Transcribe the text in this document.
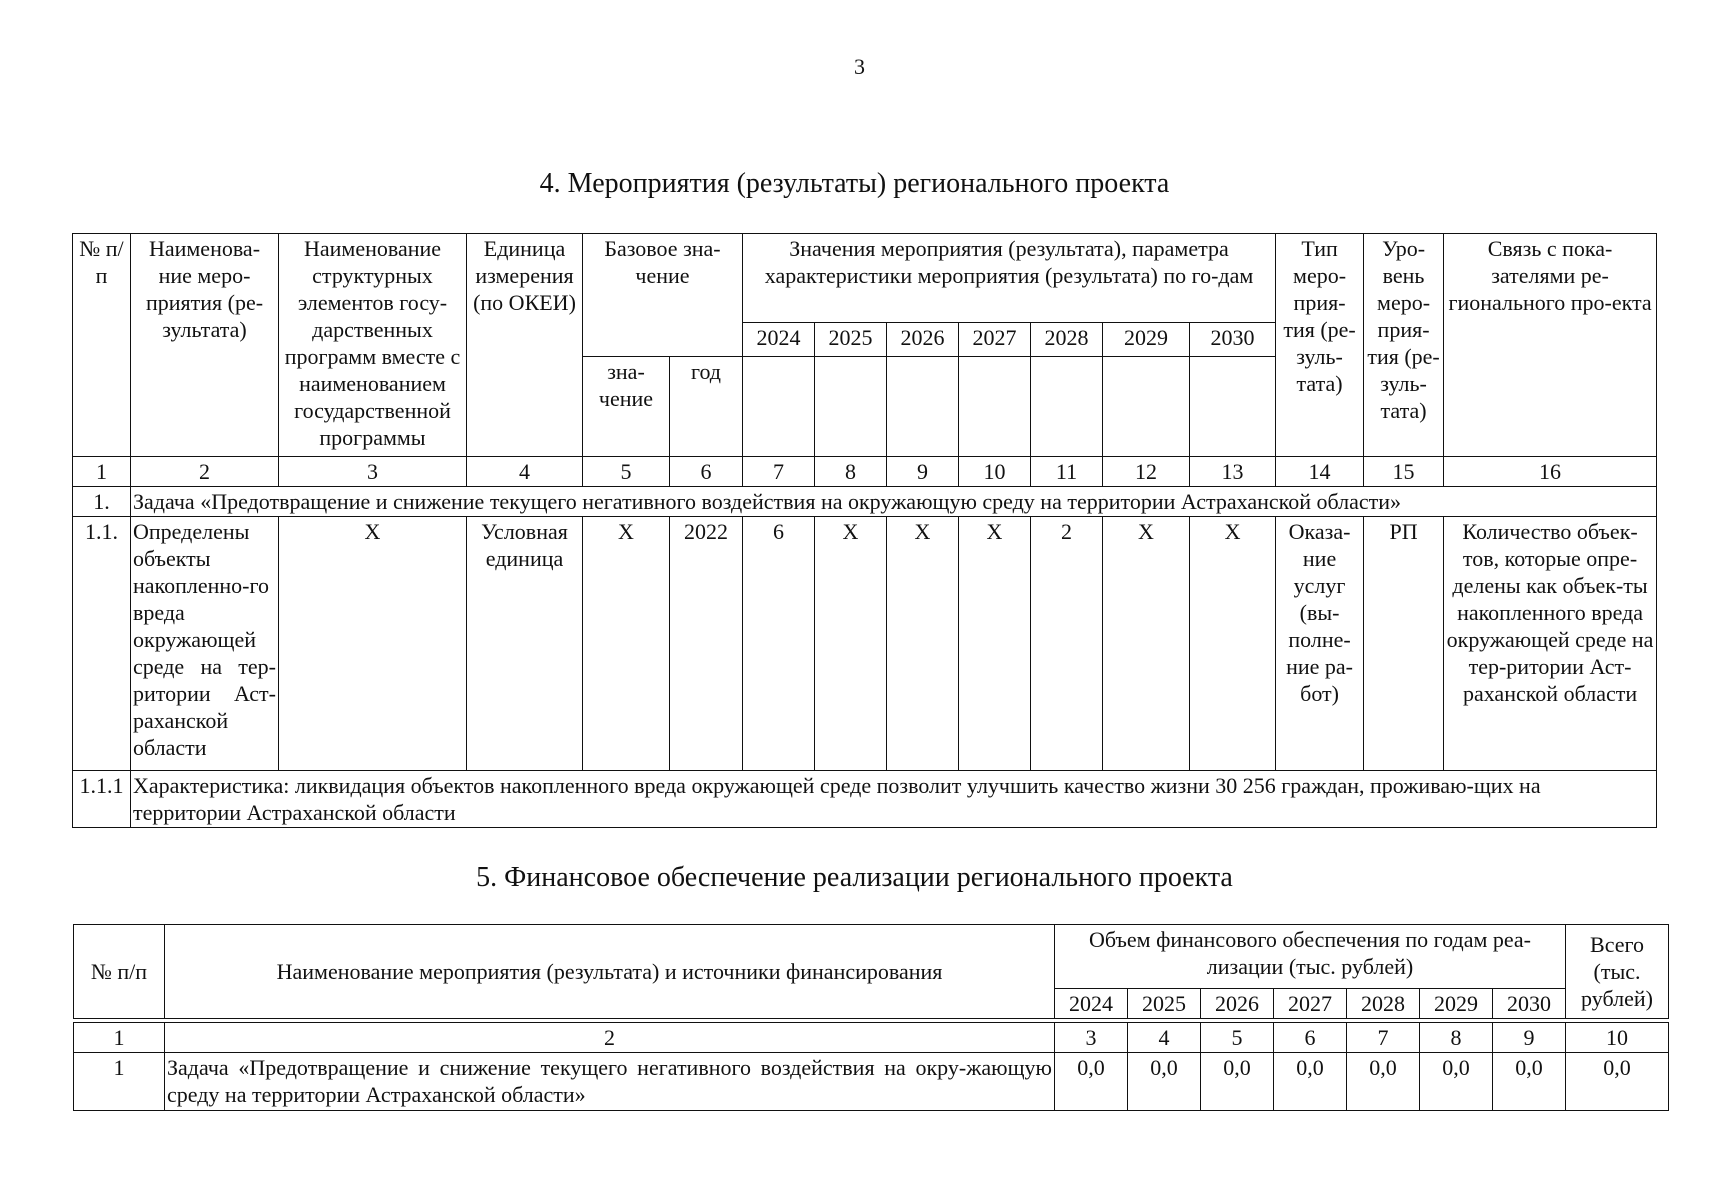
3
4. Мероприятия (результаты) регионального проекта
№ п/п	Наименова-ние меро-приятия (ре-зультата)	Наименование структурных элементов госу-дарственных программ вместе с наименованием государственной программы	Единица измерения (по ОКЕИ)	Базовое зна-чение		Значения мероприятия (результата), параметра характеристики мероприятия (результата) по го-дам							Тип меро-прия-тия (ре-зуль-тата)	Уро-вень меро-прия-тия (ре-зуль-тата)	Связь с пока-зателями ре-гионального про-екта
						2024	2025	2026	2027	2028	2029	2030			
				зна-чение	год										
1	2	3	4	5	6	7	8	9	10	11	12	13	14	15	16
1.	Задача «Предотвращение и снижение текущего негативного воздействия на окружающую среду на территории Астраханской области»														
1.1.	Определены объекты накопленно-го вреда окружающей среде на тер-ритории Аст-раханской области	Х	Условная единица	Х	2022	6	Х	Х	Х	2	Х	Х	Оказа-ние услуг (вы-полне-ние ра-бот)	РП	Количество объек-тов, которые опре-делены как объек-ты накопленного вреда окружающей среде на тер-ритории Аст-раханской области
1.1.1	Характеристика: ликвидация объектов накопленного вреда окружающей среде позволит улучшить качество жизни 30 256 граждан, проживаю-щих на территории Астраханской области														
5. Финансовое обеспечение реализации регионального проекта
№ п/п	Наименование мероприятия (результата) и источники финансирования	Объем финансового обеспечения по годам реа-лизации (тыс. рублей)							Всего (тыс. рублей)
		2024	2025	2026	2027	2028	2029	2030	

1	2	3	4	5	6	7	8	9	10
1	Задача «Предотвращение и снижение текущего негативного воздействия на окру-жающую среду на территории Астраханской области»	0,0	0,0	0,0	0,0	0,0	0,0	0,0	0,0
